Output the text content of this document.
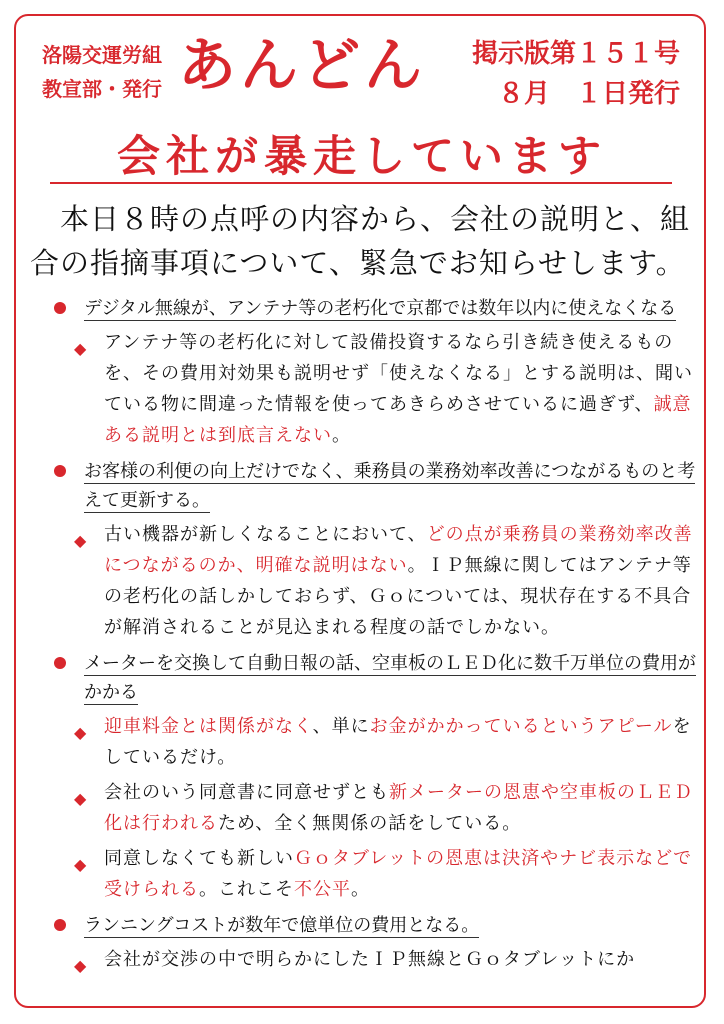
洛陽交運労組
教宣部・発行 あんどん 掲示版第１５１号
８月　１日発行
会社が暴走しています
　本日８時の点呼の内容から、会社の説明と、組合の指摘事項について、緊急でお知らせします。
デジタル無線が、アンテナ等の老朽化で京都では数年以内に使えなくなる
◆ アンテナ等の老朽化に対して設備投資するなら引き続き使えるものを、その費用対効果も説明せず「使えなくなる」とする説明は、聞いている物に間違った情報を使ってあきらめさせているに過ぎず、誠意ある説明とは到底言えない。
お客様の利便の向上だけでなく、乗務員の業務効率改善につながるものと考えて更新する。
◆ 古い機器が新しくなることにおいて、どの点が乗務員の業務効率改善につながるのか、明確な説明はない。ＩＰ無線に関してはアンテナ等の老朽化の話しかしておらず、Ｇｏについては、現状存在する不具合が解消されることが見込まれる程度の話でしかない。
メーターを交換して自動日報の話、空車板のＬＥＤ化に数千万単位の費用がかかる
◆ 迎車料金とは関係がなく、単にお金がかかっているというアピールをしているだけ。
◆ 会社のいう同意書に同意せずとも新メーターの恩恵や空車板のＬＥＤ化は行われるため、全く無関係の話をしている。
◆ 同意しなくても新しいＧｏタブレットの恩恵は決済やナビ表示などで受けられる。これこそ不公平。
ランニングコストが数年で億単位の費用となる。
◆ 会社が交渉の中で明らかにしたＩＰ無線とＧｏタブレットにか
